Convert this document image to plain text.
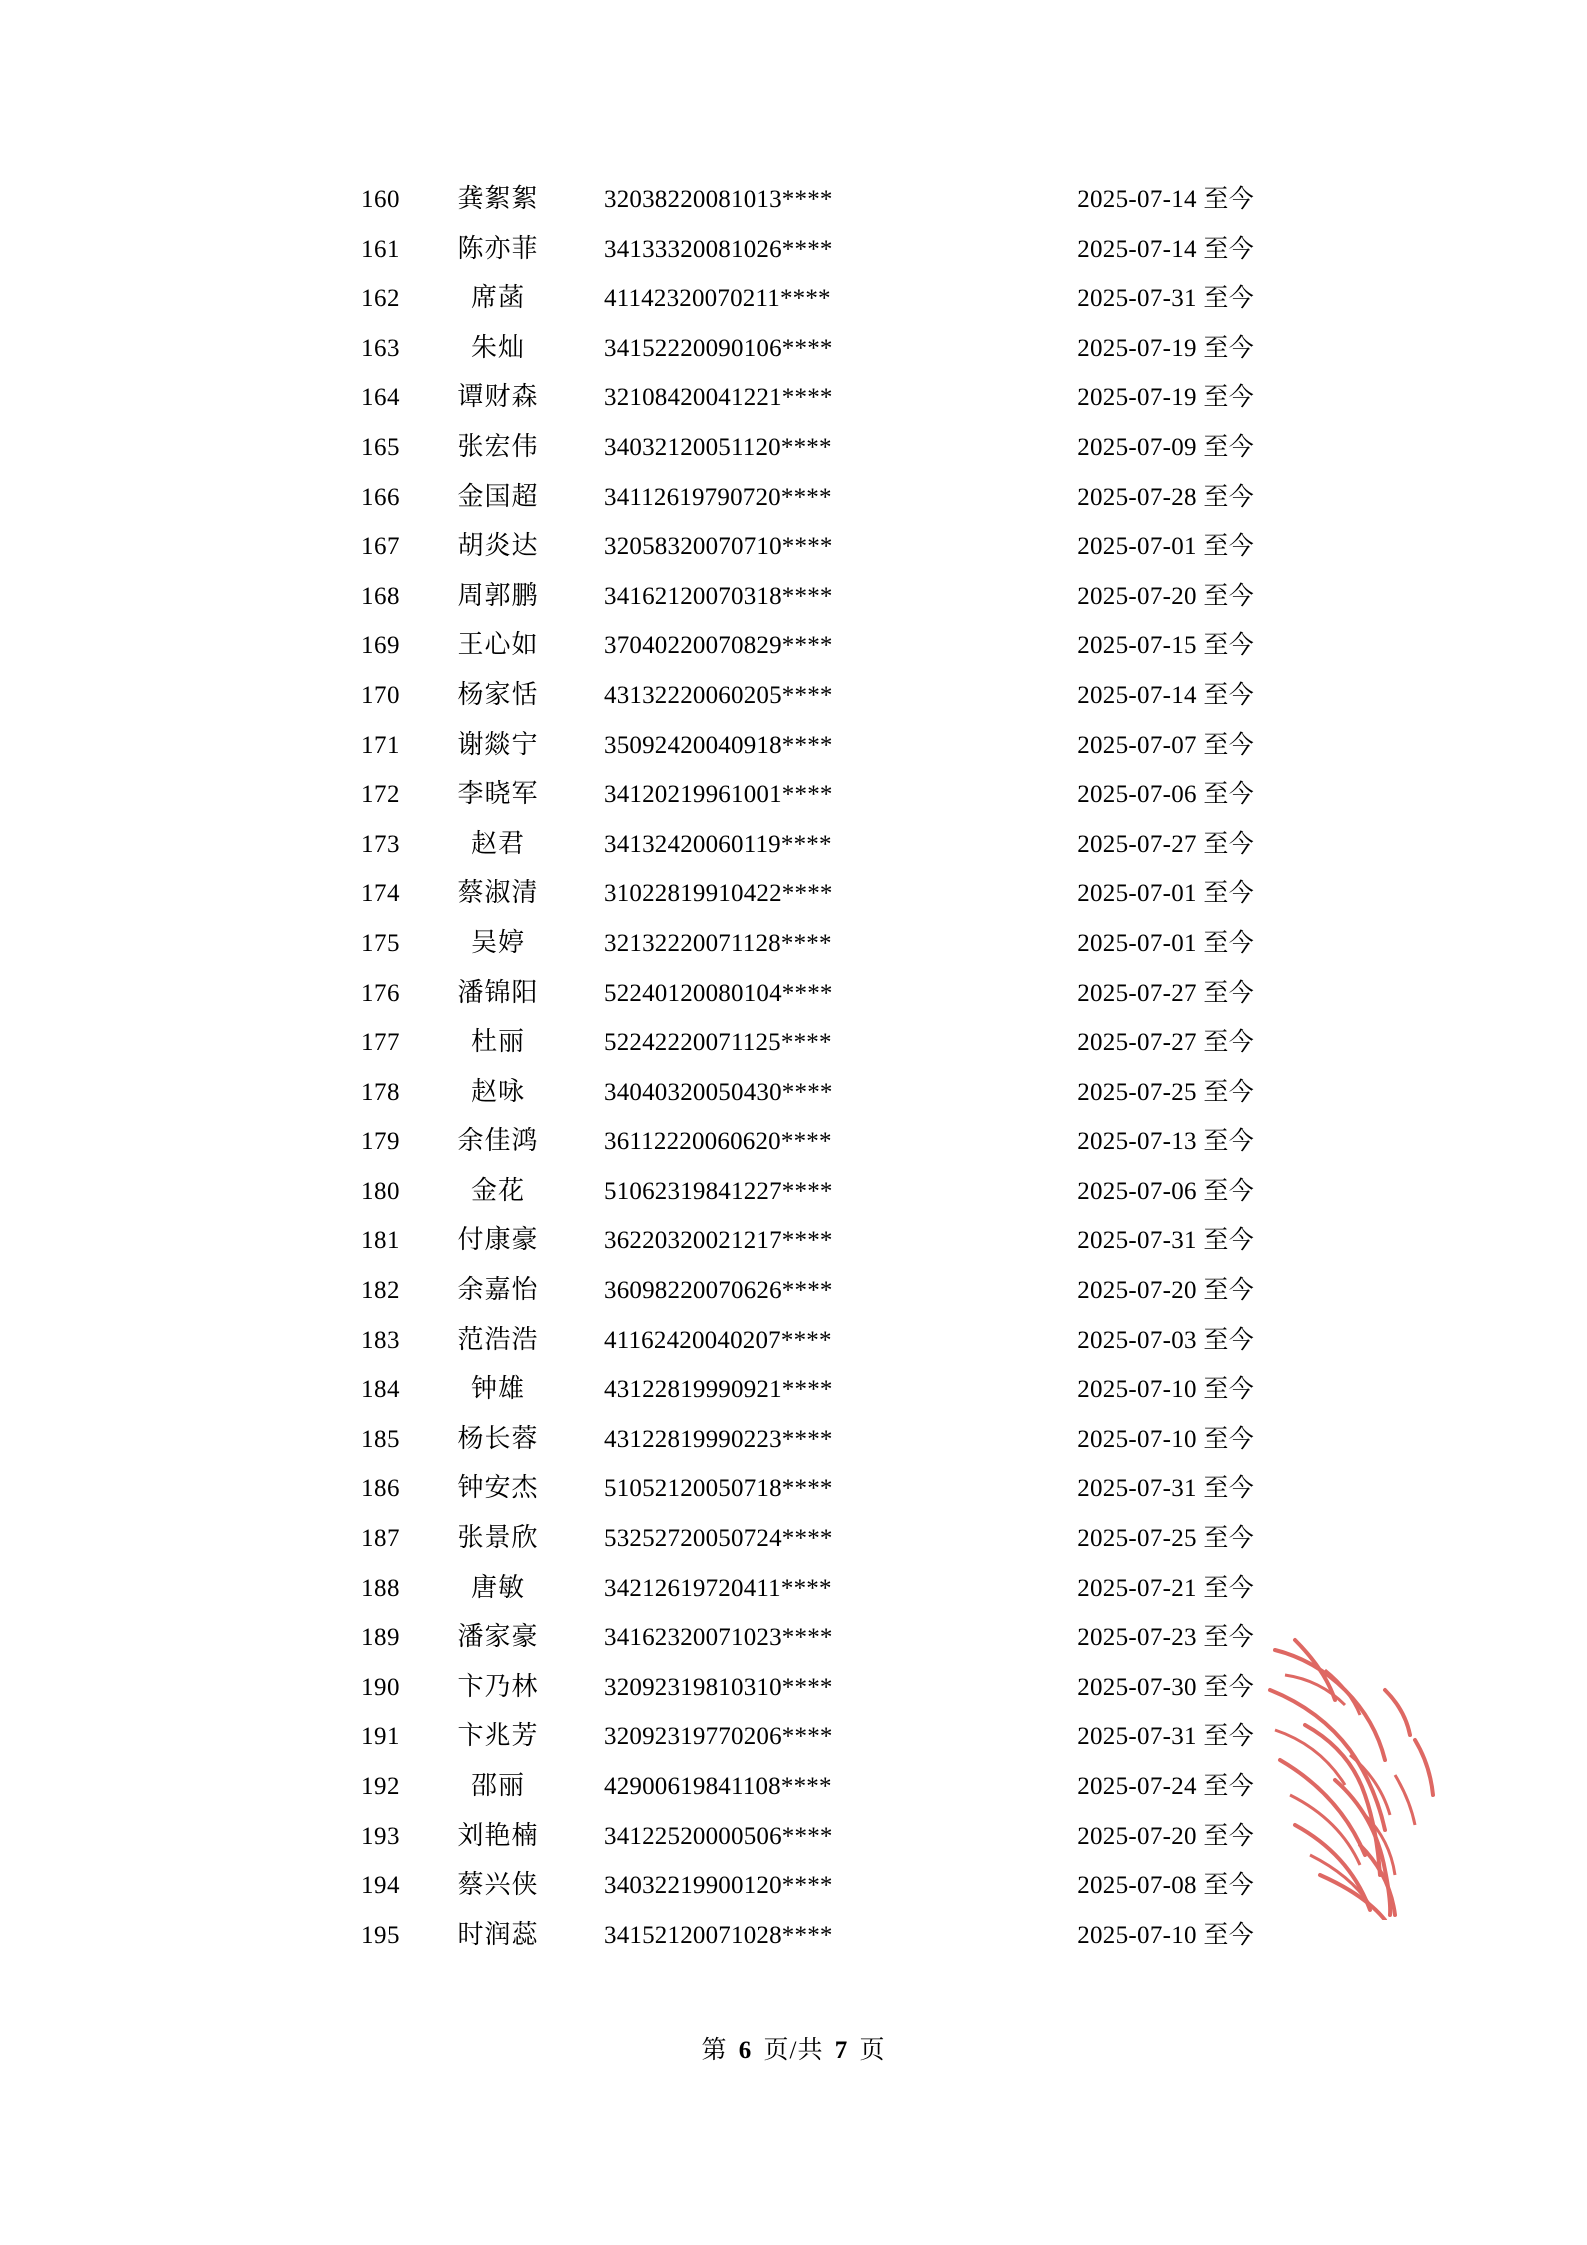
160	龚絮絮	32038220081013****	2025-07-14 至今
161	陈亦菲	34133320081026****	2025-07-14 至今
162	席菡	41142320070211****	2025-07-31 至今
163	朱灿	34152220090106****	2025-07-19 至今
164	谭财森	32108420041221****	2025-07-19 至今
165	张宏伟	34032120051120****	2025-07-09 至今
166	金国超	34112619790720****	2025-07-28 至今
167	胡炎达	32058320070710****	2025-07-01 至今
168	周郭鹏	34162120070318****	2025-07-20 至今
169	王心如	37040220070829****	2025-07-15 至今
170	杨家恬	43132220060205****	2025-07-14 至今
171	谢燚宁	35092420040918****	2025-07-07 至今
172	李晓军	34120219961001****	2025-07-06 至今
173	赵君	34132420060119****	2025-07-27 至今
174	蔡淑清	31022819910422****	2025-07-01 至今
175	吴婷	32132220071128****	2025-07-01 至今
176	潘锦阳	52240120080104****	2025-07-27 至今
177	杜丽	52242220071125****	2025-07-27 至今
178	赵咏	34040320050430****	2025-07-25 至今
179	余佳鸿	36112220060620****	2025-07-13 至今
180	金花	51062319841227****	2025-07-06 至今
181	付康豪	36220320021217****	2025-07-31 至今
182	余嘉怡	36098220070626****	2025-07-20 至今
183	范浩浩	41162420040207****	2025-07-03 至今
184	钟雄	43122819990921****	2025-07-10 至今
185	杨长蓉	43122819990223****	2025-07-10 至今
186	钟安杰	51052120050718****	2025-07-31 至今
187	张景欣	53252720050724****	2025-07-25 至今
188	唐敏	34212619720411****	2025-07-21 至今
189	潘家豪	34162320071023****	2025-07-23 至今
190	卞乃林	32092319810310****	2025-07-30 至今
191	卞兆芳	32092319770206****	2025-07-31 至今
192	邵丽	42900619841108****	2025-07-24 至今
193	刘艳楠	34122520000506****	2025-07-20 至今
194	蔡兴侠	34032219900120****	2025-07-08 至今
195	时润蕊	34152120071028****	2025-07-10 至今
第 6 页/共 7 页
